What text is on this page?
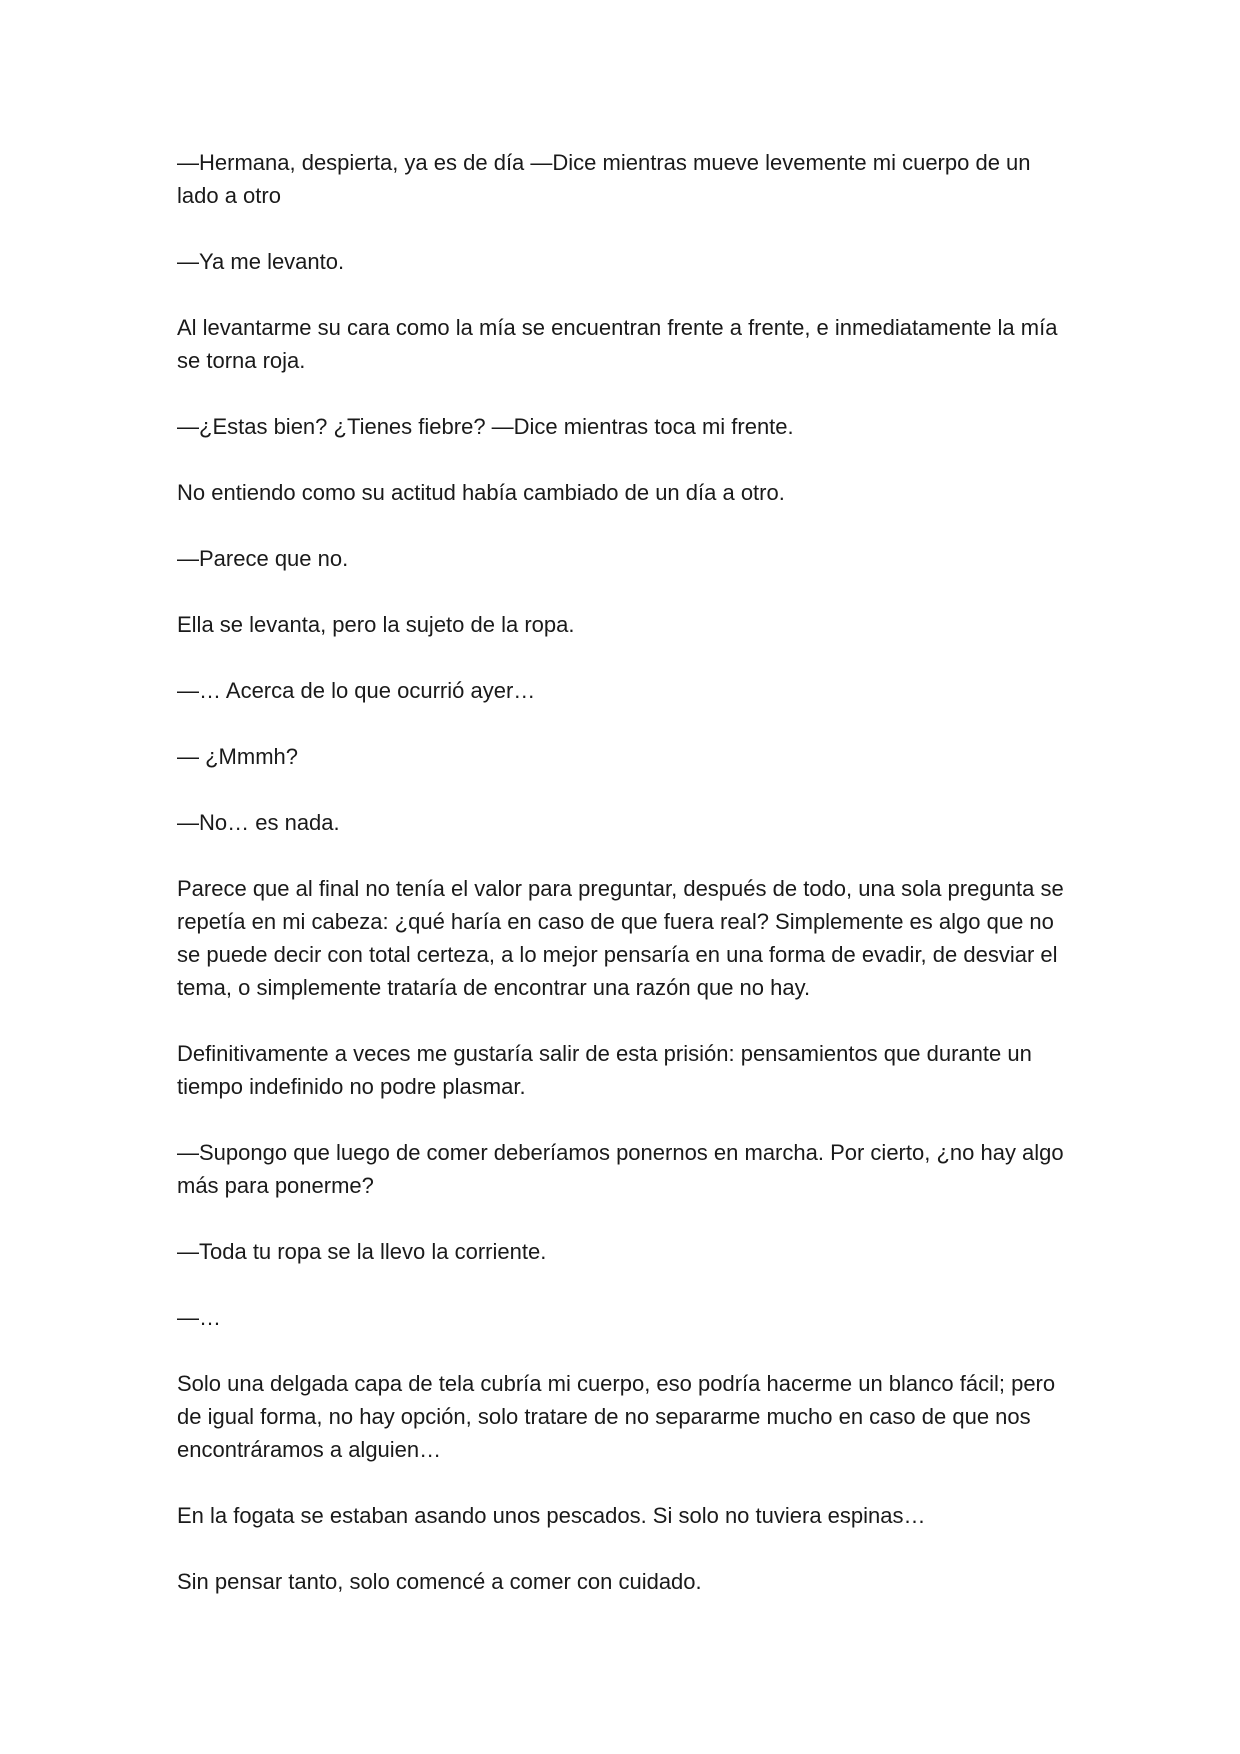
—Hermana, despierta, ya es de día —Dice mientras mueve levemente mi cuerpo de un lado a otro

—Ya me levanto.

Al levantarme su cara como la mía se encuentran frente a frente, e inmediatamente la mía se torna roja.

—¿Estas bien? ¿Tienes fiebre? —Dice mientras toca mi frente.

No entiendo como su actitud había cambiado de un día a otro.

—Parece que no.

Ella se levanta, pero la sujeto de la ropa.

—… Acerca de lo que ocurrió ayer…

— ¿Mmmh?

—No… es nada.

Parece que al final no tenía el valor para preguntar, después de todo, una sola pregunta se repetía en mi cabeza: ¿qué haría en caso de que fuera real? Simplemente es algo que no se puede decir con total certeza, a lo mejor pensaría en una forma de evadir, de desviar el tema, o simplemente trataría de encontrar una razón que no hay.

Definitivamente a veces me gustaría salir de esta prisión: pensamientos que durante un tiempo indefinido no podre plasmar.

—Supongo que luego de comer deberíamos ponernos en marcha. Por cierto, ¿no hay algo más para ponerme?

—Toda tu ropa se la llevo la corriente.

—…

Solo una delgada capa de tela cubría mi cuerpo, eso podría hacerme un blanco fácil; pero de igual forma, no hay opción, solo tratare de no separarme mucho en caso de que nos encontráramos a alguien…

En la fogata se estaban asando unos pescados. Si solo no tuviera espinas…

Sin pensar tanto, solo comencé a comer con cuidado.
